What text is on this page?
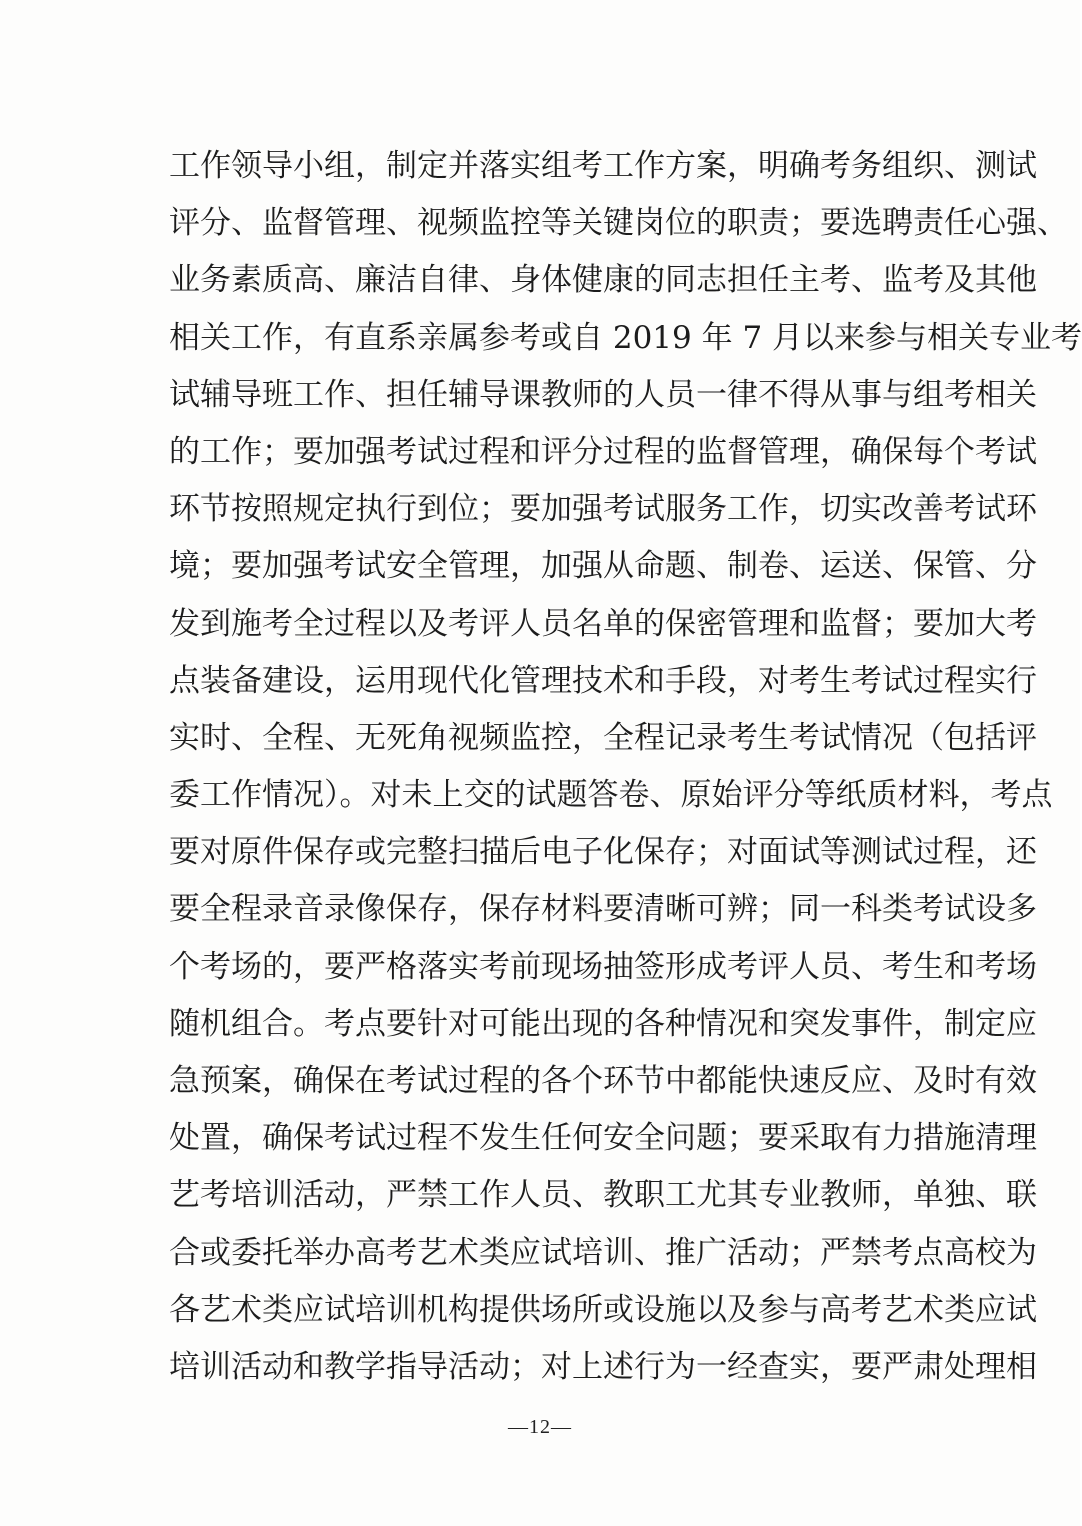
工作领导小组，制定并落实组考工作方案，明确考务组织、测试
评分、监督管理、视频监控等关键岗位的职责；要选聘责任心强、
业务素质高、廉洁自律、身体健康的同志担任主考、监考及其他
相关工作，有直系亲属参考或自 2019 年 7 月以来参与相关专业考
试辅导班工作、担任辅导课教师的人员一律不得从事与组考相关
的工作；要加强考试过程和评分过程的监督管理，确保每个考试
环节按照规定执行到位；要加强考试服务工作，切实改善考试环
境；要加强考试安全管理，加强从命题、制卷、运送、保管、分
发到施考全过程以及考评人员名单的保密管理和监督；要加大考
点装备建设，运用现代化管理技术和手段，对考生考试过程实行
实时、全程、无死角视频监控，全程记录考生考试情况（包括评
委工作情况）。对未上交的试题答卷、原始评分等纸质材料，考点
要对原件保存或完整扫描后电子化保存；对面试等测试过程，还
要全程录音录像保存，保存材料要清晰可辨；同一科类考试设多
个考场的，要严格落实考前现场抽签形成考评人员、考生和考场
随机组合。考点要针对可能出现的各种情况和突发事件，制定应
急预案，确保在考试过程的各个环节中都能快速反应、及时有效
处置，确保考试过程不发生任何安全问题；要采取有力措施清理
艺考培训活动，严禁工作人员、教职工尤其专业教师，单独、联
合或委托举办高考艺术类应试培训、推广活动；严禁考点高校为
各艺术类应试培训机构提供场所或设施以及参与高考艺术类应试
培训活动和教学指导活动；对上述行为一经查实，要严肃处理相
—12—
